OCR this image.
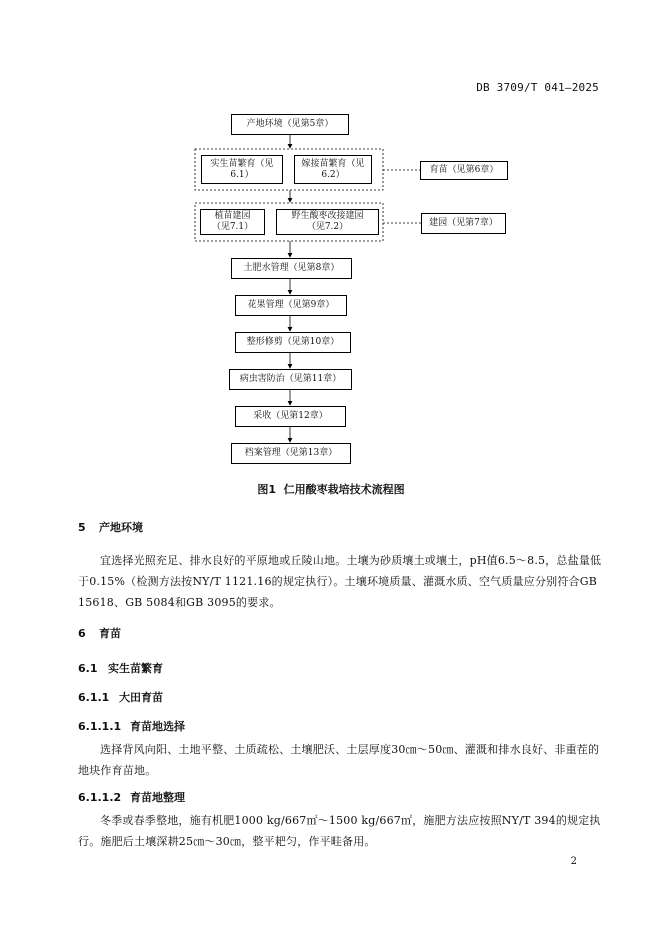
DB 3709/T 041—2025
产地环境（见第5章）
实生苗繁育（见
6.1）
嫁接苗繁育（见
6.2）	育苗（见第6章）
植苗建园
（见7.1）
野生酸枣改接建园
（见7.2）	建园（见第7章）
土肥水管理（见第8章）
花果管理（见第9章）
整形修剪（见第10章）
病虫害防治（见第11章）
采收（见第12章）
档案管理（见第13章）
图1 仁用酸枣栽培技术流程图
5 产地环境
宜选择光照充足、排水良好的平原地或丘陵山地。土壤为砂质壤土或壤土，pH值6.5～8.5，总盐量低于0.15%（检测方法按NY/T 1121.16的规定执行）。土壤环境质量、灌溉水质、空气质量应分别符合GB 15618、GB 5084和GB 3095的要求。
6 育苗
6.1 实生苗繁育
6.1.1 大田育苗
6.1.1.1 育苗地选择
选择背风向阳、土地平整、土质疏松、土壤肥沃、土层厚度30㎝～50㎝、灌溉和排水良好、非重茬的地块作育苗地。
6.1.1.2 育苗地整理
冬季或春季整地，施有机肥1000 kg/667㎡～1500 kg/667㎡，施肥方法应按照NY/T 394的规定执行。施肥后土壤深耕25㎝～30㎝，整平耙匀，作平畦备用。
2
